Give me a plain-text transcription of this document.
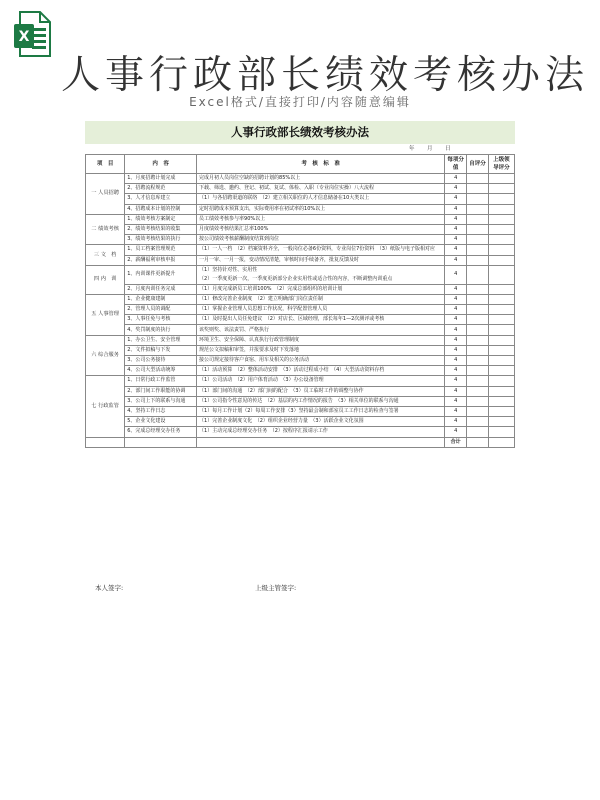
X
人事行政部长绩效考核办法
Excel格式/直接打印/内容随意编辑
人事行政部长绩效考核办法
年 月 日
项　目	内　容	考　核　标　准	每项分值	自评分	上级领导评分
一 人员招聘	1、月度招聘计划完成	完成月初人员岗位空缺的招聘计划的85%以上	4		
	2、招聘流程规范	下载、筛选、邀约、登记、初试、复试、体检、入职（专业岗位实操）八大流程	4		
	3、人才信息库建立	（1）与各招聘渠道的联络　（2）建立相关职位的人才信息储备在10大类以上	4		
	4、招聘成本计划的控制	定时招聘成本预算支出，实际费用率在初试率的10%以上	4		
二 绩效考核	1、绩效考核方案制定	员工绩效考核参与率90%以上	4		
	2、绩效考核结果的收集	月度绩效考核结果汇总率100%	4		
	3、绩效考核结果的执行	按公司绩效考核薪酬制度结算到岗位	4		
三 文　档	1、员工档案管理规范	（1）一人一档　（2）档案资料齐全，一般岗位必备6份资料，专业岗位7份资料　（3）纸版与电子版相对应	4		
	2、薪酬福利审核申报	一月一审、一月一报，变动情况清楚，审核时间手续备齐，批复反馈及时	4		
四 内　训	1、内训课件更新提升	（1）坚持针对性、实用性
（2）一季度更新一次，一季度更新部分企业实用性或适合性的内容，不断调整内训重点	4		
	2、月度内训任务完成	（1）月度完成新员工培训100%　（2）完成总部组织的培训计划	4		
五 人事管理	1、企业健康建制	（1）修改完善企业制度　（2）建立明确部门岗位责任制	4		
	2、管理人员的调配	（1）掌握企业管理人员思想工作状况，科学配置管理人员	4		
	3、人事任免与考核	（1）及时提出人员任免建议　（2）对店长、区域经理，部长每年1—2次测评或考核	4		
	4、奖罚制度的执行	该奖则奖、该法责罚、严格执行	4		
六 综合服务	1、办公卫生、安全管理	环境卫生、安全保障、认真执行行政管理制度	4		
	2、文件拟稿与下发	规范公文拟稿和审签，并报要求及时下发落地	4		
	3、公司公务接待	接公司规定接待客户食宿、用车及相关的公务活动	4		
	4、公司大型活动统筹	（1）活动预算　（2）整体活动安排　（3）活动过程成小结　（4）大型活动资料存档	4		
七 行政监管	1、日常行政工作监管	（1）公司活动　（2）用户体育活动　（3）办公设备管理	4		
	2、部门间工作职能的协调	（1）部门间的沟通　（2）部门间的配合　（3）员工临时工作的调整与协作	4		
	3、公司上下的联系与沟通	（1）公司指令性意见的传达　（2）基层的内工作情况的报告　（3）相关单位的联系与沟通	4		
	4、坚持工作日志	（1）每月工作计划（2）每周工作安排（3）坚持最会制和部室员工工作日志的检查与签署	4		
	5、企业文化建设	（1）完善企业制度文化　（2）组织企业经营力量　（3）活跃企业文化氛围	4		
	6、完成总经理交办任务	（1）主动完成总经理交办任务　（2）按程序汇报请示工作	4		
			合计		
本人签字:	上级主管签字:
